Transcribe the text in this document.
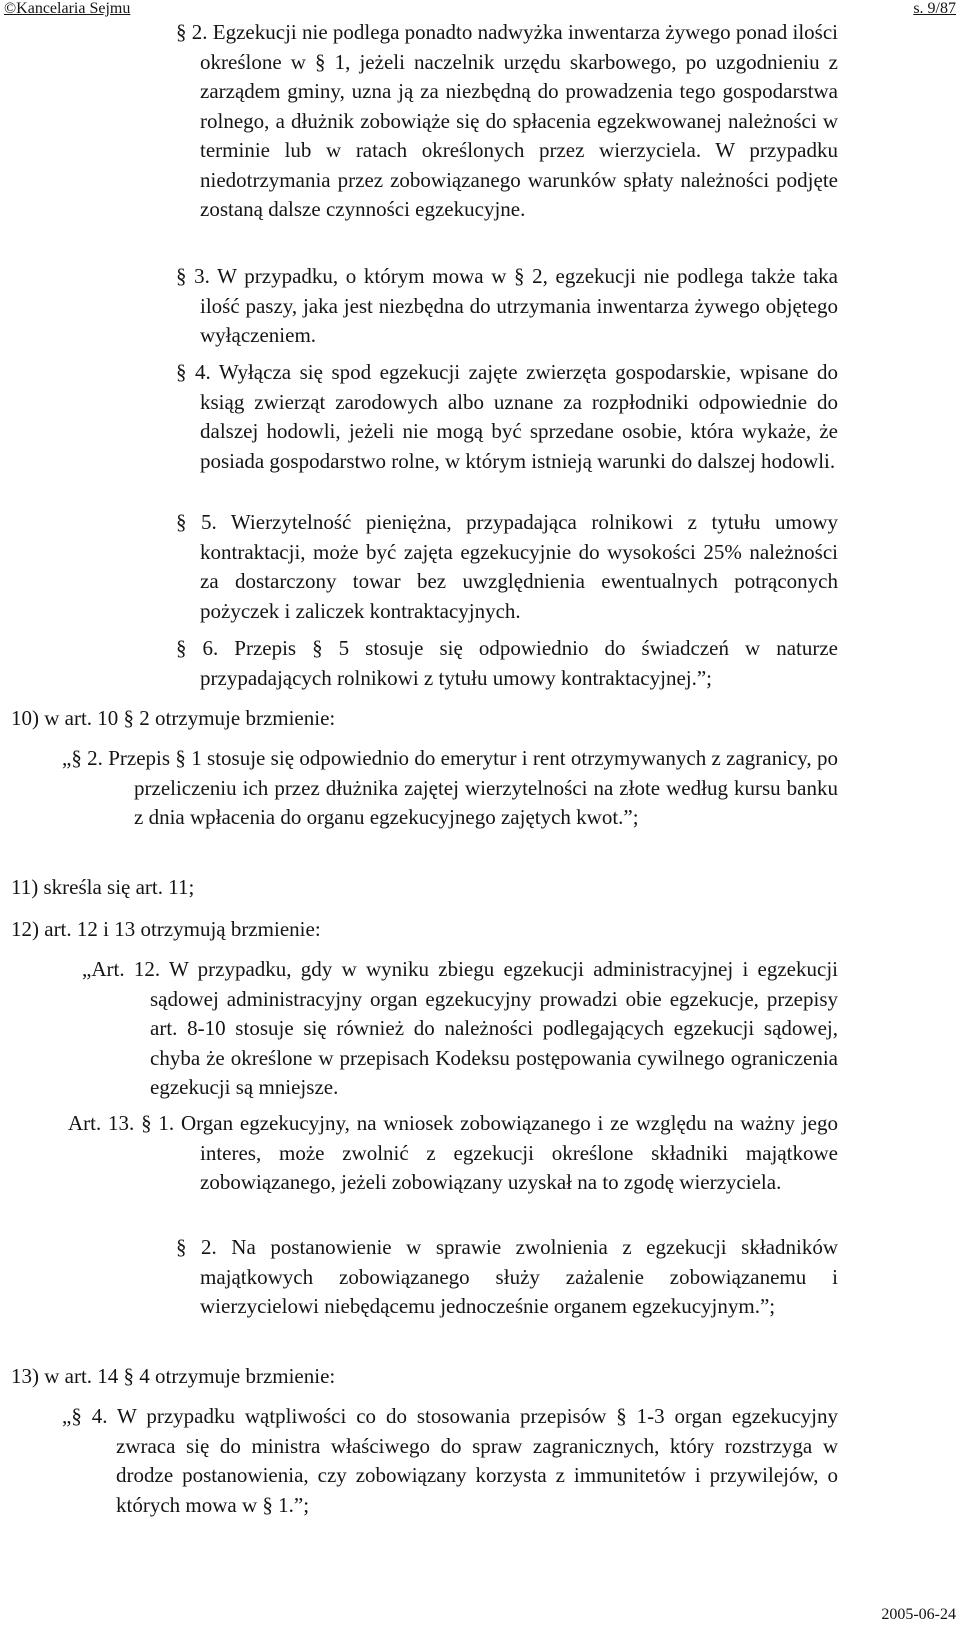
©Kancelaria Sejmu	s. 9/87

§ 2. Egzekucji nie podlega ponadto nadwyżka inwentarza żywego ponad ilości określone w § 1, jeżeli naczelnik urzędu skarbowego, po uzgodnieniu z zarządem gminy, uzna ją za niezbędną do prowadzenia tego gospodarstwa rolnego, a dłużnik zobowiąże się do spłacenia egzekwowanej należności w terminie lub w ratach określonych przez wierzyciela. W przypadku niedotrzymania przez zobowiązanego warunków spłaty należności podjęte zostaną dalsze czynności egzekucyjne.

§ 3. W przypadku, o którym mowa w § 2, egzekucji nie podlega także taka ilość paszy, jaka jest niezbędna do utrzymania inwentarza żywego objętego wyłączeniem.

§ 4. Wyłącza się spod egzekucji zajęte zwierzęta gospodarskie, wpisane do ksiąg zwierząt zarodowych albo uznane za rozpłodniki odpowiednie do dalszej hodowli, jeżeli nie mogą być sprzedane osobie, która wykaże, że posiada gospodarstwo rolne, w którym istnieją warunki do dalszej hodowli.

§ 5. Wierzytelność pieniężna, przypadająca rolnikowi z tytułu umowy kontraktacji, może być zajęta egzekucyjnie do wysokości 25% należności za dostarczony towar bez uwzględnienia ewentualnych potrąconych pożyczek i zaliczek kontraktacyjnych.

§ 6. Przepis § 5 stosuje się odpowiednio do świadczeń w naturze przypadających rolnikowi z tytułu umowy kontraktacyjnej.”;

10) w art. 10 § 2 otrzymuje brzmienie:

„§ 2. Przepis § 1 stosuje się odpowiednio do emerytur i rent otrzymywanych z zagranicy, po przeliczeniu ich przez dłużnika zajętej wierzytelności na złote według kursu banku z dnia wpłacenia do organu egzekucyjnego zajętych kwot.”;

11) skreśla się art. 11;

12) art. 12 i 13 otrzymują brzmienie:

„Art. 12. W przypadku, gdy w wyniku zbiegu egzekucji administracyjnej i egzekucji sądowej administracyjny organ egzekucyjny prowadzi obie egzekucje, przepisy art. 8-10 stosuje się również do należności podlegających egzekucji sądowej, chyba że określone w przepisach Kodeksu postępowania cywilnego ograniczenia egzekucji są mniejsze.

Art. 13. § 1. Organ egzekucyjny, na wniosek zobowiązanego i ze względu na ważny jego interes, może zwolnić z egzekucji określone składniki majątkowe zobowiązanego, jeżeli zobowiązany uzyskał na to zgodę wierzyciela.

§ 2. Na postanowienie w sprawie zwolnienia z egzekucji składników majątkowych zobowiązanego służy zażalenie zobowiązanemu i wierzycielowi niebędącemu jednocześnie organem egzekucyjnym.”;

13) w art. 14 § 4 otrzymuje brzmienie:

„§ 4. W przypadku wątpliwości co do stosowania przepisów § 1-3 organ egzekucyjny zwraca się do ministra właściwego do spraw zagranicznych, który rozstrzyga w drodze postanowienia, czy zobowiązany korzysta z immunitetów i przywilejów, o których mowa w § 1.”;

2005-06-24
